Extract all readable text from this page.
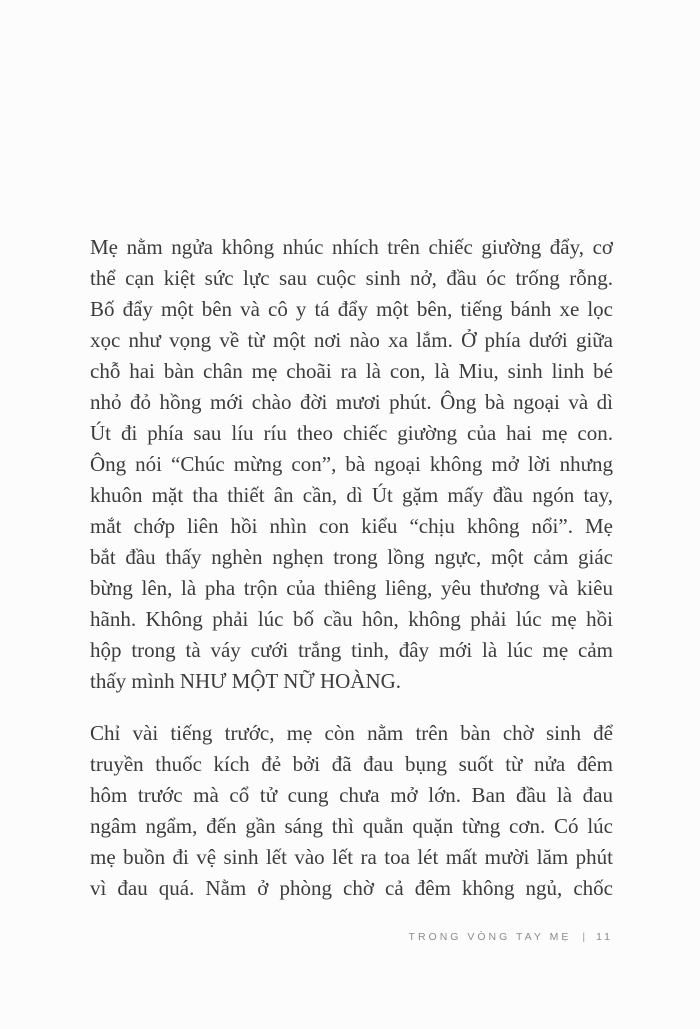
Mẹ nằm ngửa không nhúc nhích trên chiếc giường đẩy, cơ
thể cạn kiệt sức lực sau cuộc sinh nở, đầu óc trống rỗng.
Bố đẩy một bên và cô y tá đẩy một bên, tiếng bánh xe lọc
xọc như vọng về từ một nơi nào xa lắm. Ở phía dưới giữa
chỗ hai bàn chân mẹ choãi ra là con, là Miu, sinh linh bé
nhỏ đỏ hồng mới chào đời mươi phút. Ông bà ngoại và dì
Út đi phía sau líu ríu theo chiếc giường của hai mẹ con.
Ông nói “Chúc mừng con”, bà ngoại không mở lời nhưng
khuôn mặt tha thiết ân cần, dì Út gặm mấy đầu ngón tay,
mắt chớp liên hồi nhìn con kiểu “chịu không nổi”. Mẹ
bắt đầu thấy nghèn nghẹn trong lồng ngực, một cảm giác
bừng lên, là pha trộn của thiêng liêng, yêu thương và kiêu
hãnh. Không phải lúc bố cầu hôn, không phải lúc mẹ hồi
hộp trong tà váy cưới trắng tinh, đây mới là lúc mẹ cảm
thấy mình NHƯ MỘT NỮ HOÀNG.
Chỉ vài tiếng trước, mẹ còn nằm trên bàn chờ sinh để
truyền thuốc kích đẻ bởi đã đau bụng suốt từ nửa đêm
hôm trước mà cổ tử cung chưa mở lớn. Ban đầu là đau
ngâm ngẩm, đến gần sáng thì quằn quặn từng cơn. Có lúc
mẹ buồn đi vệ sinh lết vào lết ra toa lét mất mười lăm phút
vì đau quá. Nằm ở phòng chờ cả đêm không ngủ, chốc
TRONG VÒNG TAY MẸ | 11
